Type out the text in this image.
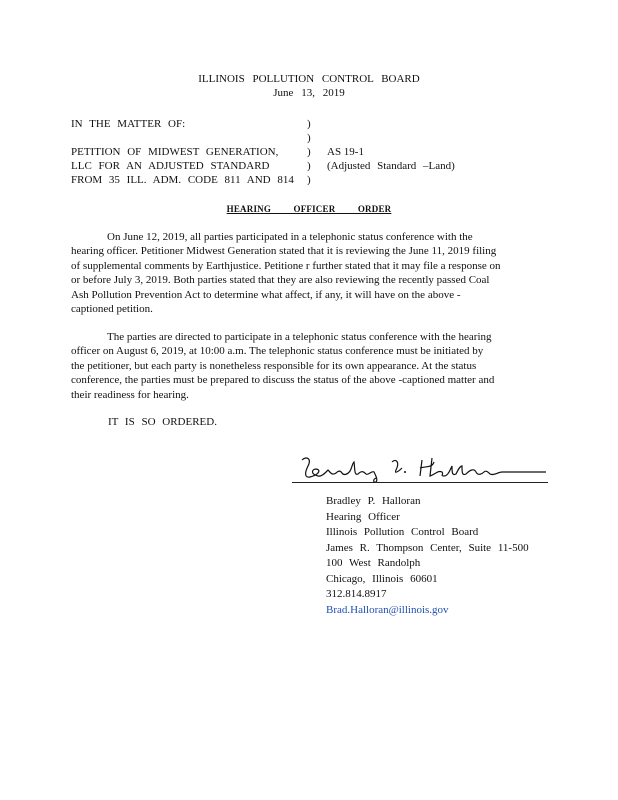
ILLINOIS POLLUTION CONTROL BOARD
June 13, 2019
IN THE MATTER OF:
PETITION OF MIDWEST GENERATION,
LLC FOR AN ADJUSTED STANDARD
FROM 35 ILL. ADM. CODE 811 AND 814
)
)
)
)
)
AS 19-1
(Adjusted Standard –Land)
HEARING OFFICER ORDER
On June 12, 2019, all parties participated in a telephonic status conference with the
hearing officer. Petitioner Midwest Generation stated that it is reviewing the June 11, 2019 filing
of supplemental comments by Earthjustice. Petitione r further stated that it may file a response on
or before July 3, 2019. Both parties stated that they are also reviewing the recently passed Coal
Ash Pollution Prevention Act to determine what affect, if any, it will have on the above -
captioned petition.
The parties are directed to participate in a telephonic status conference with the hearing
officer on August 6, 2019, at 10:00 a.m. The telephonic status conference must be initiated by
the petitioner, but each party is nonetheless responsible for its own appearance. At the status
conference, the parties must be prepared to discuss the status of the above -captioned matter and
their readiness for hearing.
IT IS SO ORDERED.
Bradley P. Halloran
Hearing Officer
Illinois Pollution Control Board
James R. Thompson Center, Suite 11-500
100 West Randolph
Chicago, Illinois 60601
312.814.8917
Brad.Halloran@illinois.gov
